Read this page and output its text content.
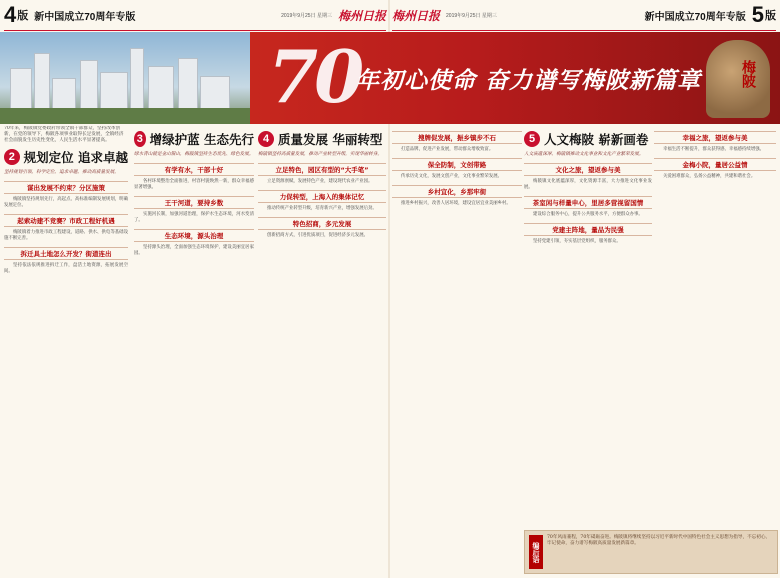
4 版 新中国成立70周年专版	2019年9月25日 星期三 梅州日报 梅州日报 2019年9月25日 星期三	新中国成立70周年专版 5 版
70
年初心使命 奋力谱写梅陂新篇章	梅陂
70年来，梅陂镇党委政府带领全镇干部群众，坚持改革创新，在党的领导下，梅陂各项事业取得长足发展，全镇经济社会面貌发生历史性变化，人民生活水平显著提高。
2 规划定位 追求卓越
坚持规划引领，科学定位，追求卓越，推动高质量发展。
谋出发展不约束？分区施策

梅陂镇坚持规划先行，高起点、高标准编制发展规划，明确发展定位。

起索动建不竞赛？市政工程好机遇

梅陂镇着力推进市政工程建设，道路、供水、供电等基础设施不断完善。

拆迁具土地怎么开发？街道连出

坚持依法依规推进拆迁工作，盘活土地资源，拓展发展空间。

3 增绿护蓝 生态先行
绿水青山就是金山银山，梅陂镇坚持生态优先、绿色发展。
有学有水，干部十好

各村环境整治全面推进，村容村貌焕然一新，群众幸福感显著增强。

王干河道，要持乡数

实施河长制，加强河道治理，保护水生态环境，河水变清了。

生态环境，源头治理

坚持源头治理，全面加强生态环境保护，建设美丽宜居家园。

4 质量发展 华丽转型
梅陂镇坚持高质量发展，推动产业转型升级，实现华丽转身。
立足特色，园区有型的“大手笔”

立足资源禀赋，发展特色产业，建设现代农业产业园。

力促转型，上海入的集体记忆

推动传统产业转型升级，培育新兴产业，增强发展后劲。

特色招商，多元发展

创新招商方式，引进优质项目，促进经济多元发展。

搜牌促发展，振乡镇步不石

打造品牌，促进产业发展，带动群众增收致富。

保全防制，文创带路

传承历史文化，发展文创产业，文化事业繁荣发展。

乡村宜化，乡那牢街

推进乡村振兴，改善人居环境，建设宜居宜业美丽乡村。

5 人文梅陂 崭新画卷
人文底蕴深厚，梅陂镇推动文化事业和文化产业繁荣发展。
文化之旅，望返参与美

梅陂镇文化底蕴深厚，文化资源丰富，大力推进文化事业发展。

茶室闲与样量申心，里居多营视留国情

建设综合服务中心，提升公共服务水平，方便群众办事。

党建主阵地，量品为民强

坚持党建引领，夯实基层党组织，服务群众。

幸福之旅，望返参与美

幸福生活不断提升，群众获得感、幸福感持续增强。

金梅小院，量居公益情

关爱困难群众，弘扬公益精神，共建和谐社会。

编后语
70年风雨兼程，70年砥砺奋进。梅陂镇将继续坚持以习近平新时代中国特色社会主义思想为指导，不忘初心、牢记使命，奋力谱写梅陂高质量发展新篇章。
